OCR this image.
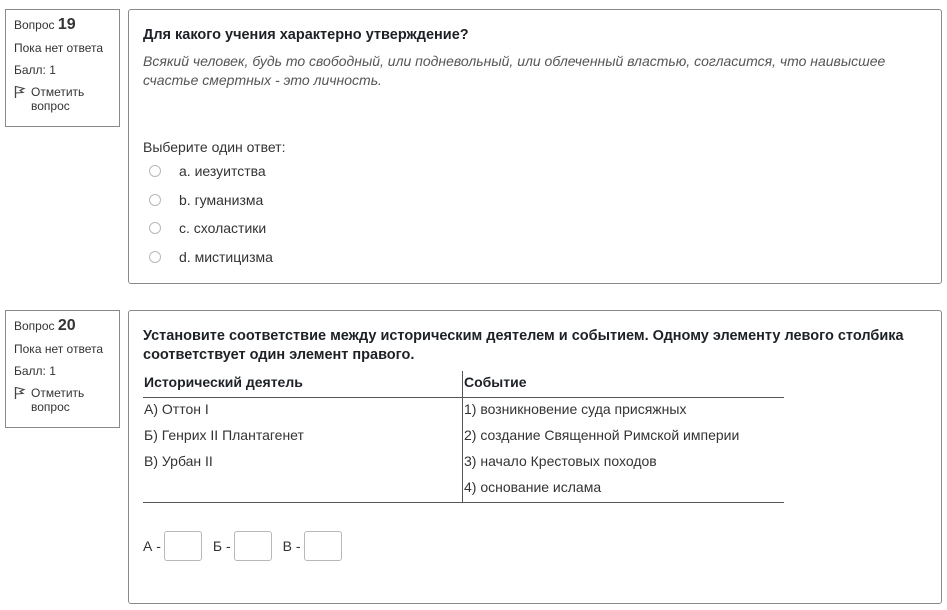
Вопрос 19
Пока нет ответа
Балл: 1
Отметить вопрос
Для какого учения характерно утверждение?
Всякий человек, будь то свободный, или подневольный, или облеченный властью, согласится, что наивысшее счастье смертных - это личность.
Выберите один ответ:
a. иезуитства
b. гуманизма
c. схоластики
d. мистицизма
Вопрос 20
Пока нет ответа
Балл: 1
Отметить вопрос
Установите соответствие между историческим деятелем и событием. Одному элементу левого столбика соответствует один элемент правого.
Исторический деятель	Событие
А) Оттон I	1) возникновение суда присяжных
Б) Генрих II Плантагенет	2) создание Священной Римской империи
В) Урбан II	3) начало Крестовых походов
	4) основание ислама
А -	Б -	В -
